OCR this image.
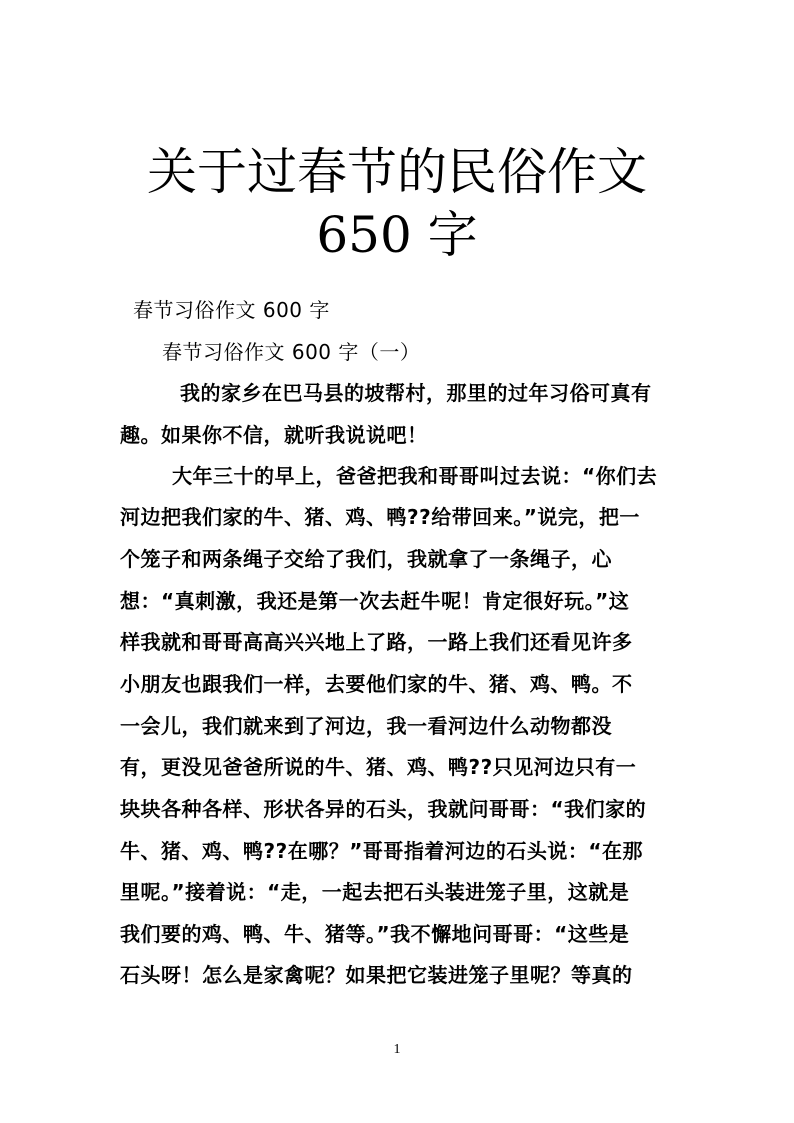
关于过春节的民俗作文
650 字
春节习俗作文 600 字
春节习俗作文 600 字（一）
我的家乡在巴马县的坡帮村，那里的过年习俗可真有
趣。如果你不信，就听我说说吧！
大年三十的早上，爸爸把我和哥哥叫过去说：“你们去
河边把我们家的牛、猪、鸡、鸭??给带回来。”说完，把一
个笼子和两条绳子交给了我们，我就拿了一条绳子，心
想：“真刺激，我还是第一次去赶牛呢！肯定很好玩。”这
样我就和哥哥高高兴兴地上了路，一路上我们还看见许多
小朋友也跟我们一样，去要他们家的牛、猪、鸡、鸭。不
一会儿，我们就来到了河边，我一看河边什么动物都没
有，更没见爸爸所说的牛、猪、鸡、鸭??只见河边只有一
块块各种各样、形状各异的石头，我就问哥哥：“我们家的
牛、猪、鸡、鸭??在哪？”哥哥指着河边的石头说：“在那
里呢。”接着说：“走，一起去把石头装进笼子里，这就是
我们要的鸡、鸭、牛、猪等。”我不懈地问哥哥：“这些是
石头呀！怎么是家禽呢？如果把它装进笼子里呢？等真的
1
